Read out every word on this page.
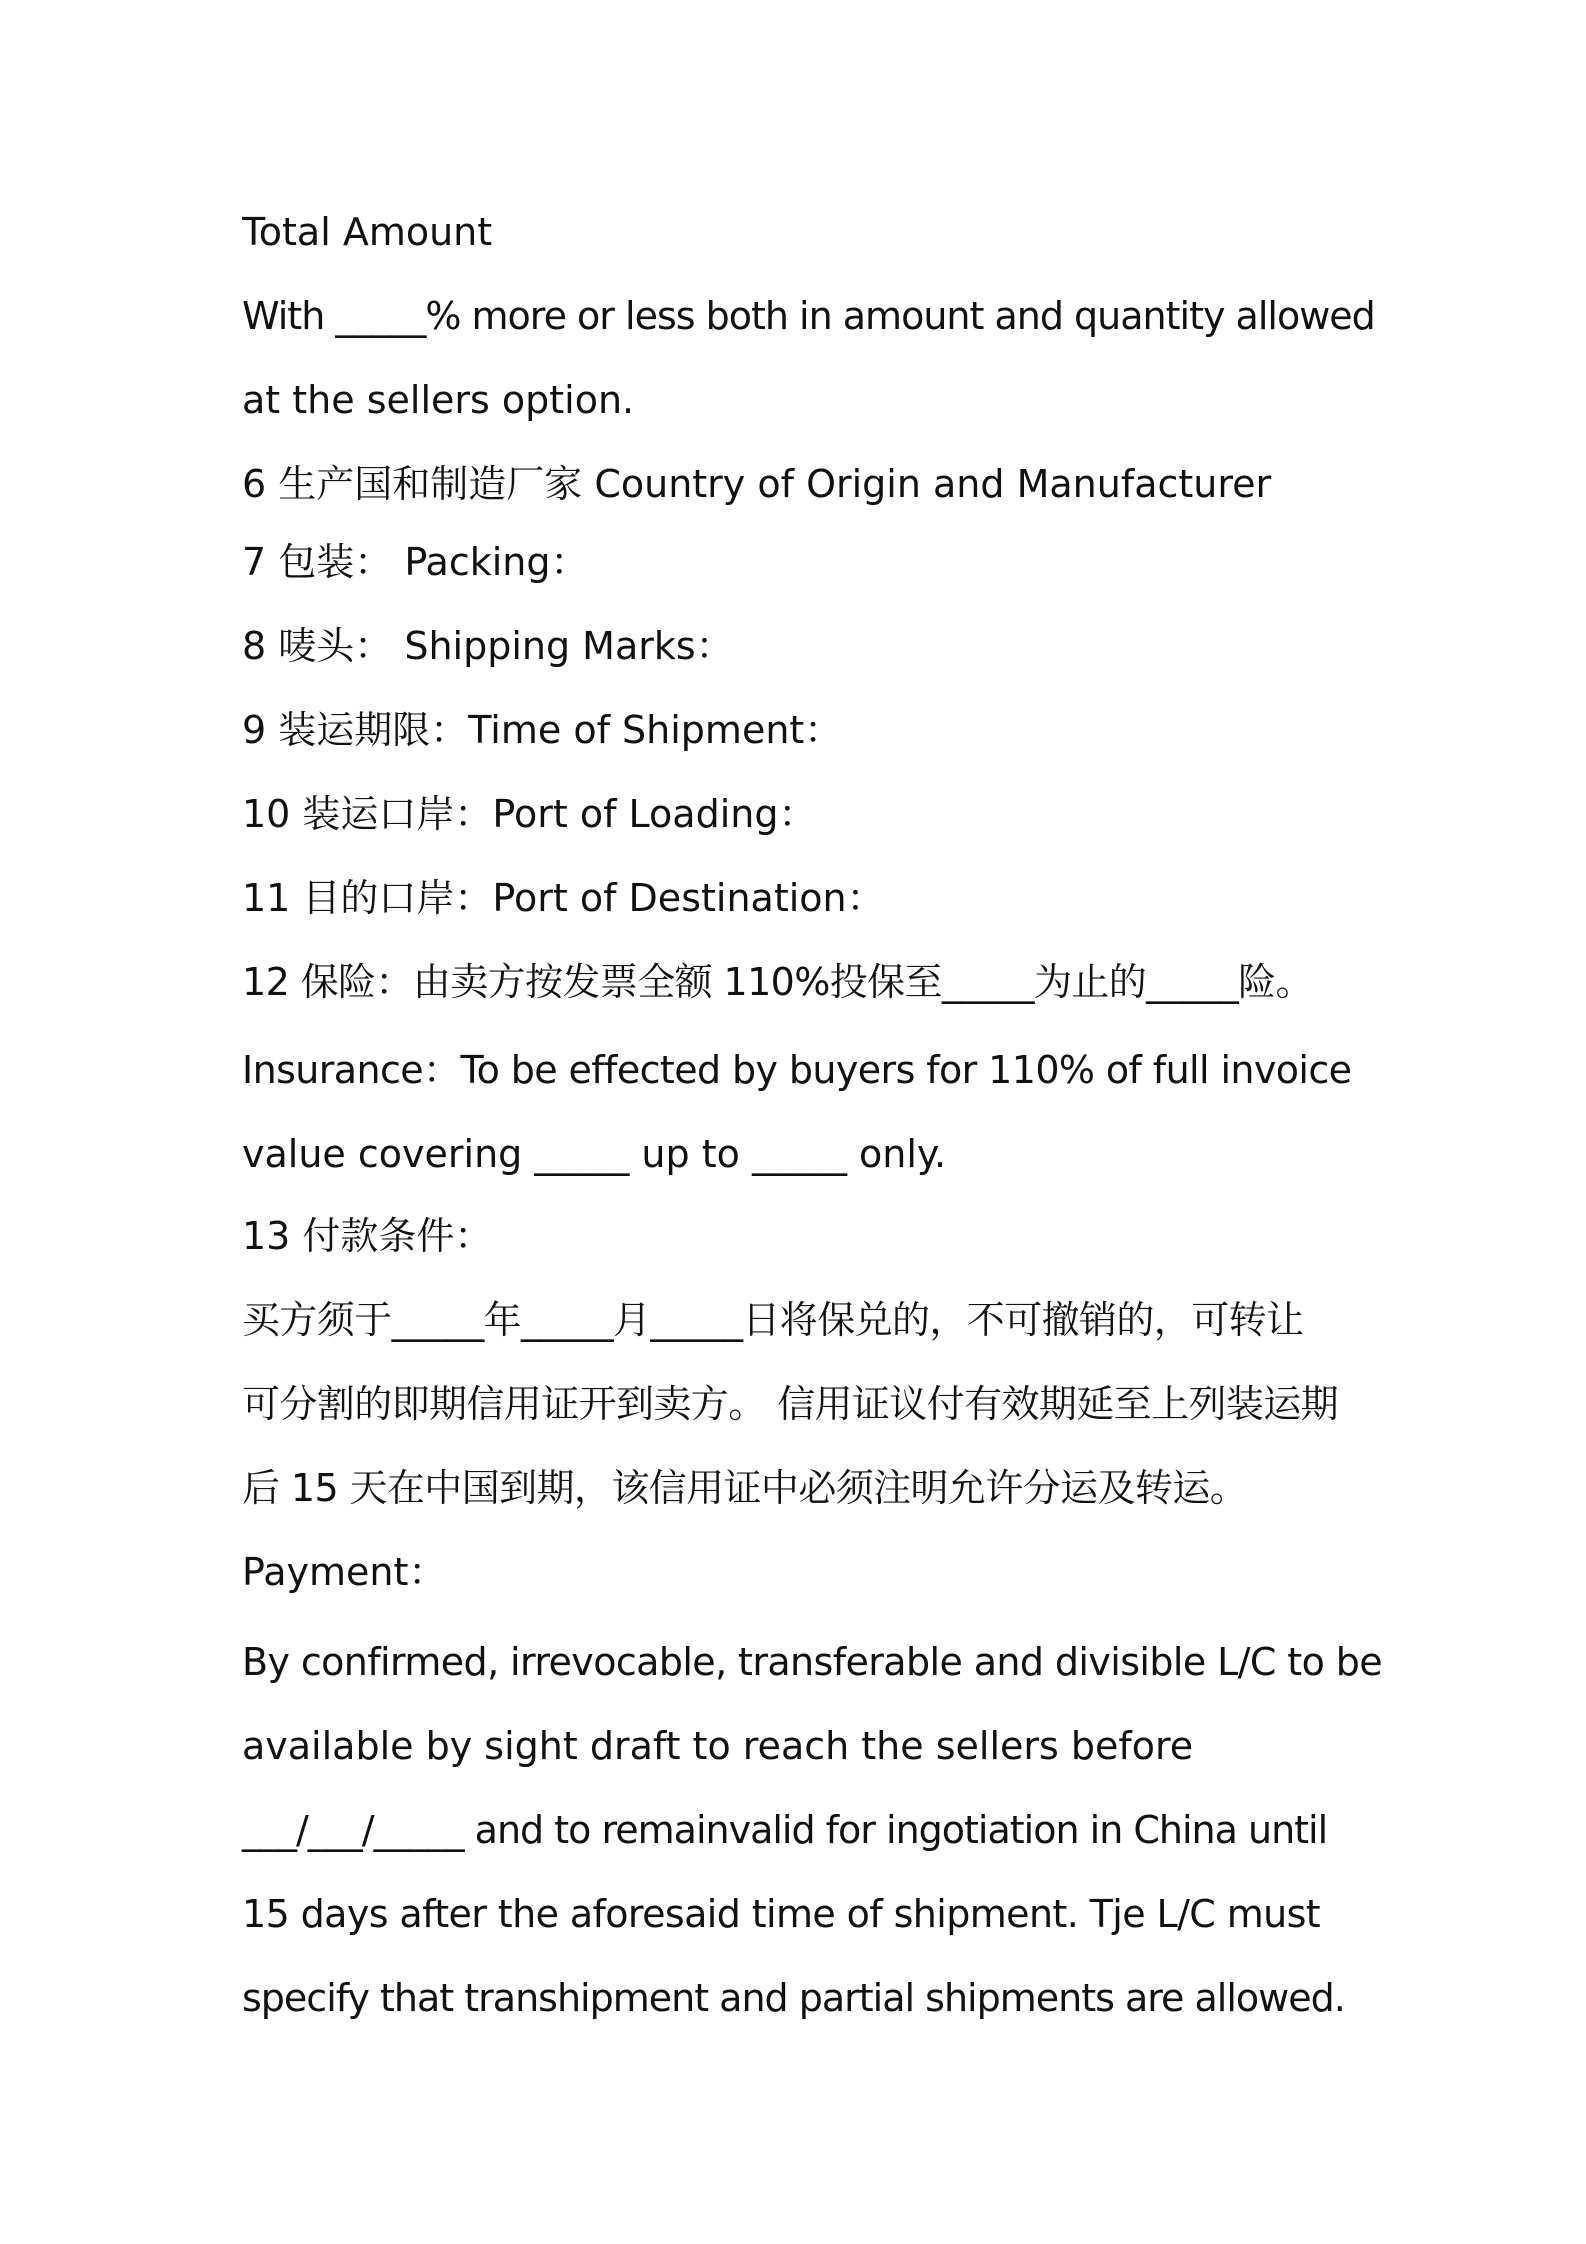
Total Amount
With _____% more or less both in amount and quantity allowed
at the sellers option.
6 生产国和制造厂家 Country of Origin and Manufacturer
7 包装： Packing：
8 唛头： Shipping Marks：
9 装运期限：Time of Shipment：
10 装运口岸：Port of Loading：
11 目的口岸：Port of Destination：
12 保险：由卖方按发票全额 110%投保至_____为止的_____险。
Insurance：To be effected by buyers for 110% of full invoice
value covering _____ up to _____ only.
13 付款条件：
买方须于_____年_____月_____日将保兑的，不可撤销的，可转让
可分割的即期信用证开到卖方。 信用证议付有效期延至上列装运期
后 15 天在中国到期，该信用证中必须注明允许分运及转运。
Payment：
By confirmed, irrevocable, transferable and divisible L/C to be
available by sight draft to reach the sellers before
___/___/_____ and to remainvalid for ingotiation in China until
15 days after the aforesaid time of shipment. Tje L/C must
specify that transhipment and partial shipments are allowed.
